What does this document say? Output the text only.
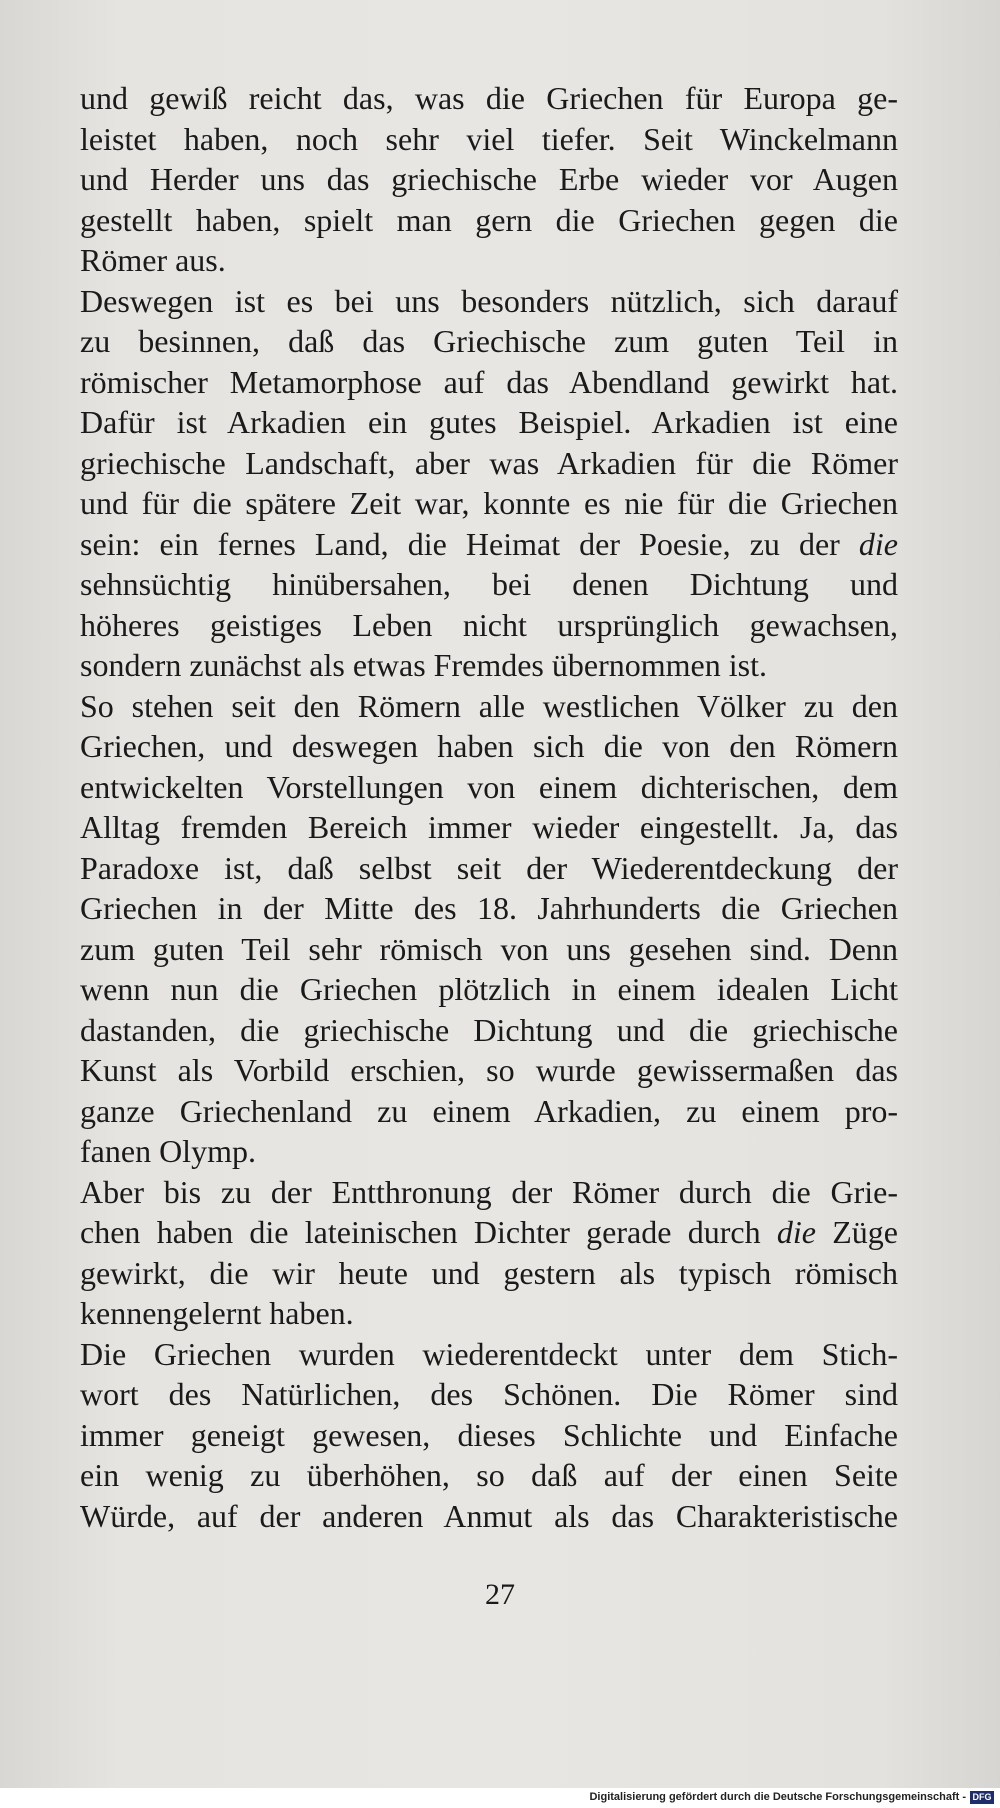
und gewiß reicht das, was die Griechen für Europa ge-
leistet haben, noch sehr viel tiefer. Seit Winckelmann
und Herder uns das griechische Erbe wieder vor Augen
gestellt haben, spielt man gern die Griechen gegen die
Römer aus.

Deswegen ist es bei uns besonders nützlich, sich darauf
zu besinnen, daß das Griechische zum guten Teil in
römischer Metamorphose auf das Abendland gewirkt hat.
Dafür ist Arkadien ein gutes Beispiel. Arkadien ist eine
griechische Landschaft, aber was Arkadien für die Römer
und für die spätere Zeit war, konnte es nie für die Griechen
sein: ein fernes Land, die Heimat der Poesie, zu der die
sehnsüchtig hinübersahen, bei denen Dichtung und
höheres geistiges Leben nicht ursprünglich gewachsen,
sondern zunächst als etwas Fremdes übernommen ist.

So stehen seit den Römern alle westlichen Völker zu den
Griechen, und deswegen haben sich die von den Römern
entwickelten Vorstellungen von einem dichterischen, dem
Alltag fremden Bereich immer wieder eingestellt. Ja, das
Paradoxe ist, daß selbst seit der Wiederentdeckung der
Griechen in der Mitte des 18. Jahrhunderts die Griechen
zum guten Teil sehr römisch von uns gesehen sind. Denn
wenn nun die Griechen plötzlich in einem idealen Licht
dastanden, die griechische Dichtung und die griechische
Kunst als Vorbild erschien, so wurde gewissermaßen das
ganze Griechenland zu einem Arkadien, zu einem pro-
fanen Olymp.

Aber bis zu der Entthronung der Römer durch die Grie-
chen haben die lateinischen Dichter gerade durch die Züge
gewirkt, die wir heute und gestern als typisch römisch
kennengelernt haben.

Die Griechen wurden wiederentdeckt unter dem Stich-
wort des Natürlichen, des Schönen. Die Römer sind
immer geneigt gewesen, dieses Schlichte und Einfache
ein wenig zu überhöhen, so daß auf der einen Seite
Würde, auf der anderen Anmut als das Charakteristische

27
Digitalisierung gefördert durch die Deutsche Forschungsgemeinschaft - DFG
